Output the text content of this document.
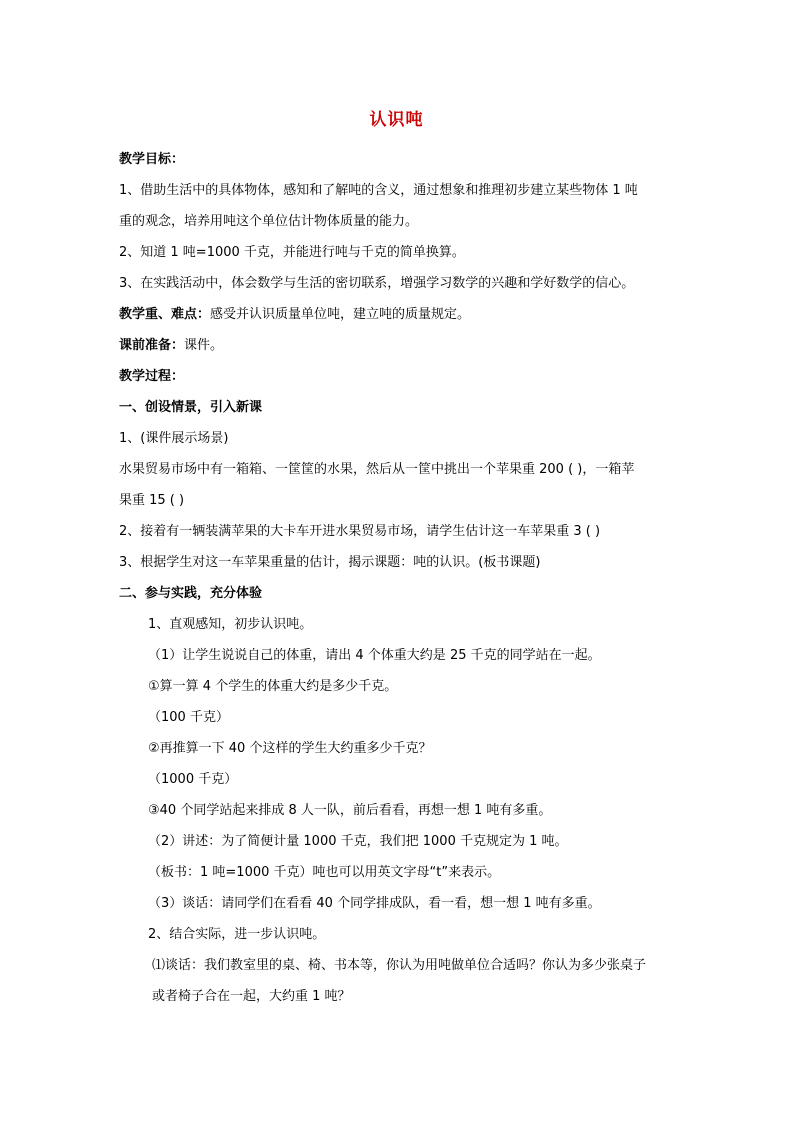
认识吨
教学目标：
1、借助生活中的具体物体，感知和了解吨的含义，通过想象和推理初步建立某些物体 1 吨
重的观念，培养用吨这个单位估计物体质量的能力。
2、知道 1 吨=1000 千克，并能进行吨与千克的简单换算。
3、在实践活动中，体会数学与生活的密切联系，增强学习数学的兴趣和学好数学的信心。
教学重、难点：感受并认识质量单位吨，建立吨的质量规定。
课前准备：课件。
教学过程：
一、创设情景，引入新课
1、(课件展示场景)
水果贸易市场中有一箱箱、一筐筐的水果，然后从一筐中挑出一个苹果重 200 ( )，一箱苹
果重 15 ( )
2、接着有一辆装满苹果的大卡车开进水果贸易市场，请学生估计这一车苹果重 3 ( )
3、根据学生对这一车苹果重量的估计，揭示课题：吨的认识。(板书课题)
二、参与实践，充分体验
1、直观感知，初步认识吨。
（1）让学生说说自己的体重，请出 4 个体重大约是 25 千克的同学站在一起。
①算一算 4 个学生的体重大约是多少千克。
（100 千克）
②再推算一下 40 个这样的学生大约重多少千克？
（1000 千克）
③40 个同学站起来排成 8 人一队，前后看看，再想一想 1 吨有多重。
（2）讲述：为了简便计量 1000 千克，我们把 1000 千克规定为 1 吨。
（板书：1 吨=1000 千克）吨也可以用英文字母“t”来表示。
（3）谈话：请同学们在看看 40 个同学排成队，看一看，想一想 1 吨有多重。
2、结合实际，进一步认识吨。
⑴谈话：我们教室里的桌、椅、书本等，你认为用吨做单位合适吗？你认为多少张桌子
或者椅子合在一起，大约重 1 吨？
